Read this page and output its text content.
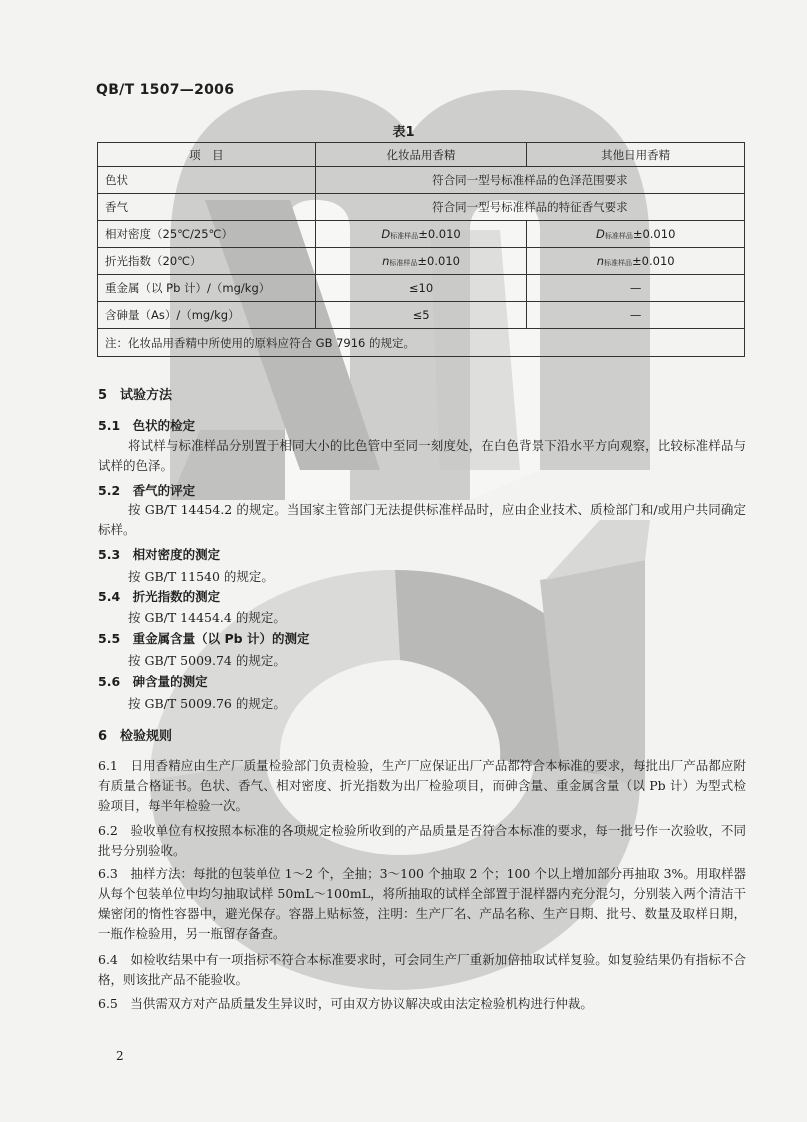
QB/T 1507—2006
表1
项　目	化妆品用香精	其他日用香精
色状	符合同一型号标准样品的色泽范围要求	
香气	符合同一型号标准样品的特征香气要求	
相对密度（25℃/25℃）	D标准样品±0.010	D标准样品±0.010
折光指数（20℃）	n标准样品±0.010	n标准样品±0.010
重金属（以 Pb 计）/（mg/kg）	≤10	—
含砷量（As）/（mg/kg）	≤5	—
注：化妆品用香精中所使用的原料应符合 GB 7916 的规定。		
5　试验方法
5.1　色状的检定
将试样与标准样品分别置于相同大小的比色管中至同一刻度处，在白色背景下沿水平方向观察，比较标准样品与试样的色泽。
5.2　香气的评定
按 GB/T 14454.2 的规定。当国家主管部门无法提供标准样品时，应由企业技术、质检部门和/或用户共同确定标样。
5.3　相对密度的测定
按 GB/T 11540 的规定。
5.4　折光指数的测定
按 GB/T 14454.4 的规定。
5.5　重金属含量（以 Pb 计）的测定
按 GB/T 5009.74 的规定。
5.6　砷含量的测定
按 GB/T 5009.76 的规定。
6　检验规则
6.1　日用香精应由生产厂质量检验部门负责检验，生产厂应保证出厂产品都符合本标准的要求，每批出厂产品都应附有质量合格证书。色状、香气、相对密度、折光指数为出厂检验项目，而砷含量、重金属含量（以 Pb 计）为型式检验项目，每半年检验一次。
6.2　验收单位有权按照本标准的各项规定检验所收到的产品质量是否符合本标准的要求，每一批号作一次验收，不同批号分别验收。
6.3　抽样方法：每批的包装单位 1～2 个，全抽；3～100 个抽取 2 个；100 个以上增加部分再抽取 3%。用取样器从每个包装单位中均匀抽取试样 50mL～100mL，将所抽取的试样全部置于混样器内充分混匀，分别装入两个清洁干燥密闭的惰性容器中，避光保存。容器上贴标签，注明：生产厂名、产品名称、生产日期、批号、数量及取样日期，一瓶作检验用，另一瓶留存备查。
6.4　如检收结果中有一项指标不符合本标准要求时，可会同生产厂重新加倍抽取试样复验。如复验结果仍有指标不合格，则该批产品不能验收。
6.5　当供需双方对产品质量发生异议时，可由双方协议解决或由法定检验机构进行仲裁。
2
